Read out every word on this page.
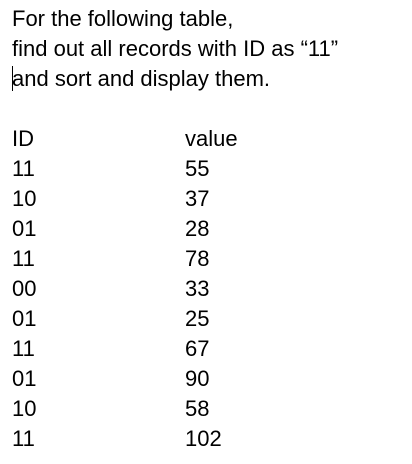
For the following table,
find out all records with ID as “11”
and sort and display them.
ID	value
11	55
10	37
01	28
11	78
00	33
01	25
11	67
01	90
10	58
11	102
